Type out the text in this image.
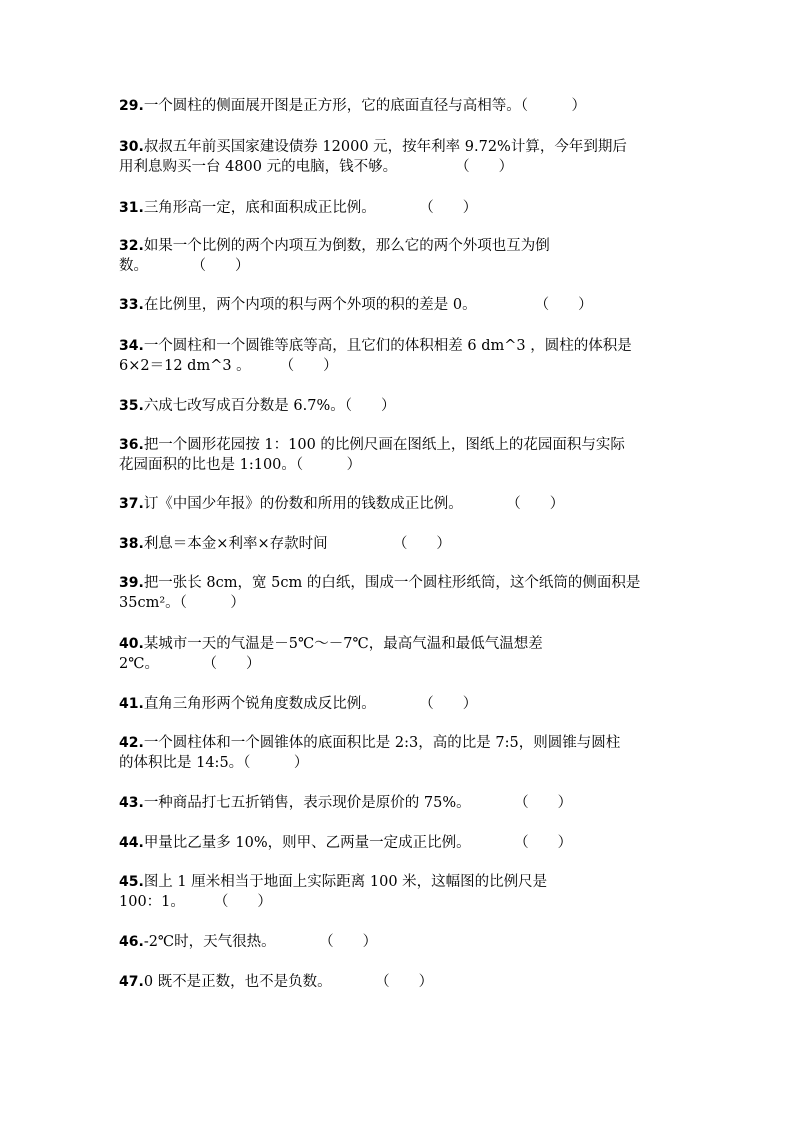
29.一个圆柱的侧面展开图是正方形，它的底面直径与高相等。（　　　）
30.叔叔五年前买国家建设债券 12000 元，按年利率 9.72%计算，今年到期后
用利息购买一台 4800 元的电脑，钱不够。　　　　　（　　）
31.三角形高一定，底和面积成正比例。　　　　（　　）
32.如果一个比例的两个内项互为倒数，那么它的两个外项也互为倒
数。　　　　（　　）
33.在比例里，两个内项的积与两个外项的积的差是 0。　　　　　（　　）
34.一个圆柱和一个圆锥等底等高，且它们的体积相差 6 dm^3 ，圆柱的体积是
6×2＝12 dm^3 。　　　（　　）
35.六成七改写成百分数是 6.7%。（　　）
36.把一个圆形花园按 1：100 的比例尺画在图纸上，图纸上的花园面积与实际
花园面积的比也是 1:100。（　　　）
37.订《中国少年报》的份数和所用的钱数成正比例。　　　　（　　）
38.利息＝本金×利率×存款时间　　　　　（　　）
39.把一张长 8cm，宽 5cm 的白纸，围成一个圆柱形纸筒，这个纸筒的侧面积是
35cm²。（　　　）
40.某城市一天的气温是－5℃～－7℃，最高气温和最低气温想差
2℃。　　　　（　　）
41.直角三角形两个锐角度数成反比例。　　　　（　　）
42.一个圆柱体和一个圆锥体的底面积比是 2:3，高的比是 7:5，则圆锥与圆柱
的体积比是 14:5。（　　　）
43.一种商品打七五折销售，表示现价是原价的 75%。　　　　（　　）
44.甲量比乙量多 10%，则甲、乙两量一定成正比例。　　　　（　　）
45.图上 1 厘米相当于地面上实际距离 100 米，这幅图的比例尺是
100：1。　　　（　　）
46.-2℃时，天气很热。　　　　（　　）
47.0 既不是正数，也不是负数。　　　　（　　）
